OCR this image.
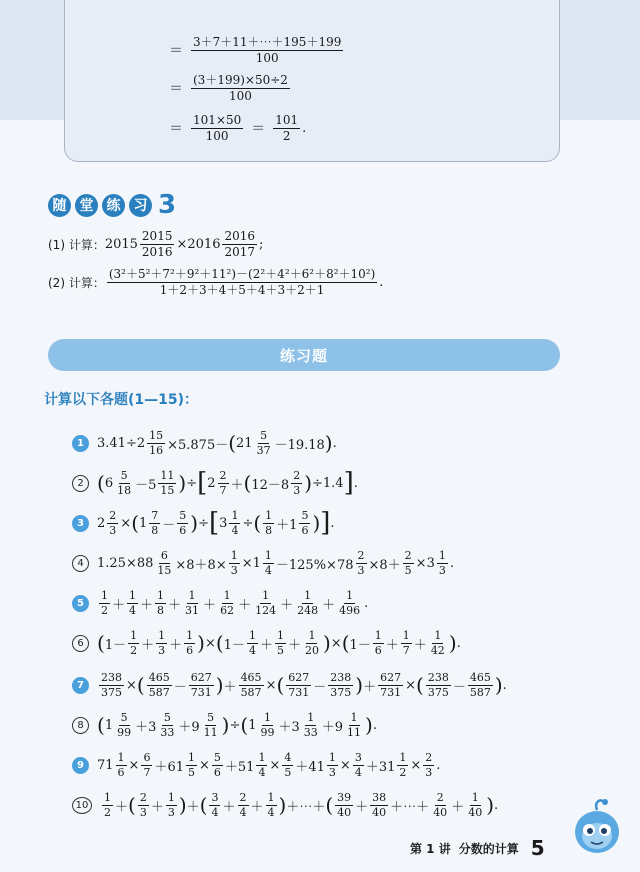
＝ $\frac{3+7+11+\cdots+195+199}{100}$
＝ $\frac{(3+199)\times 50\div 2}{100}$
＝ $\frac{101\times 50}{100} = \frac{101}{2}$ .
随 堂 练 习 3
(1) 计算： $2015 \frac{2015}{2016} \times 2016 \frac{2016}{2017}$ ;
(2) 计算： $\frac{\text{(3²＋5²＋7²＋9²＋11²)－(2²＋4²＋6²＋8²＋10²)}}{1+2+3+4+5+4+3+2+1}$ .
练习题
计算以下各题(1—15)：
1	$3.41\div 2 \frac{15}{16} \times 5.875-$ ( $21 \frac{5}{37} -19.18$ ) .
2 ( $6 \frac{5}{18} -5 \frac{11}{15}$ ) ÷ [ $2 \frac{2}{7}$ ＋ ( $12-8 \frac{2}{3}$ ) ÷1.4 ] .
3	$2 \frac{2}{3}$ × ( $1 \frac{7}{8} - \frac{5}{6}$ ) ÷ [ $3 \frac{1}{4}$ ÷ ( $\frac{1}{8} +1 \frac{5}{6}$ ) ] .
4	$1.25\times 88 \frac{6}{15} \times 8+8\times \frac{1}{3} \times 1 \frac{1}{4} -125\%\times 78 \frac{2}{3} \times 8+ \frac{2}{5} \times 3 \frac{1}{3}$ .
5	$\frac{1}{2} + \frac{1}{4} + \frac{1}{8} + \frac{1}{31} + \frac{1}{62} + \frac{1}{124} + \frac{1}{248} + \frac{1}{496}$ .
6 ( $1- \frac{1}{2} + \frac{1}{3} + \frac{1}{6}$ ) × ( $1- \frac{1}{4} + \frac{1}{5} + \frac{1}{20}$ ) × ( $1- \frac{1}{6} + \frac{1}{7} + \frac{1}{42}$ ) .
7	$\frac{238}{375}$ × ( $\frac{465}{587} - \frac{627}{731}$ ) ＋ $\frac{465}{587}$ × ( $\frac{627}{731} - \frac{238}{375}$ ) ＋ $\frac{627}{731}$ × ( $\frac{238}{375} - \frac{465}{587}$ ) .
8 ( $1 \frac{5}{99} +3 \frac{5}{33} +9 \frac{5}{11}$ ) ÷ ( $1 \frac{1}{99} +3 \frac{1}{33} +9 \frac{1}{11}$ ) .
9	$71 \frac{1}{6} \times \frac{6}{7} +61 \frac{1}{5} \times \frac{5}{6} +51 \frac{1}{4} \times \frac{4}{5} +41 \frac{1}{3} \times \frac{3}{4} +31 \frac{1}{2} \times \frac{2}{3}$ .
10	$\frac{1}{2}$ ＋ ( $\frac{2}{3} + \frac{1}{3}$ ) ＋ ( $\frac{3}{4} + \frac{2}{4} + \frac{1}{4}$ ) ＋⋯＋ ( $\frac{39}{40} + \frac{38}{40}$ ＋⋯＋ $\frac{2}{40} + \frac{1}{40}$ ) .
第 1 讲 分数的计算 5
